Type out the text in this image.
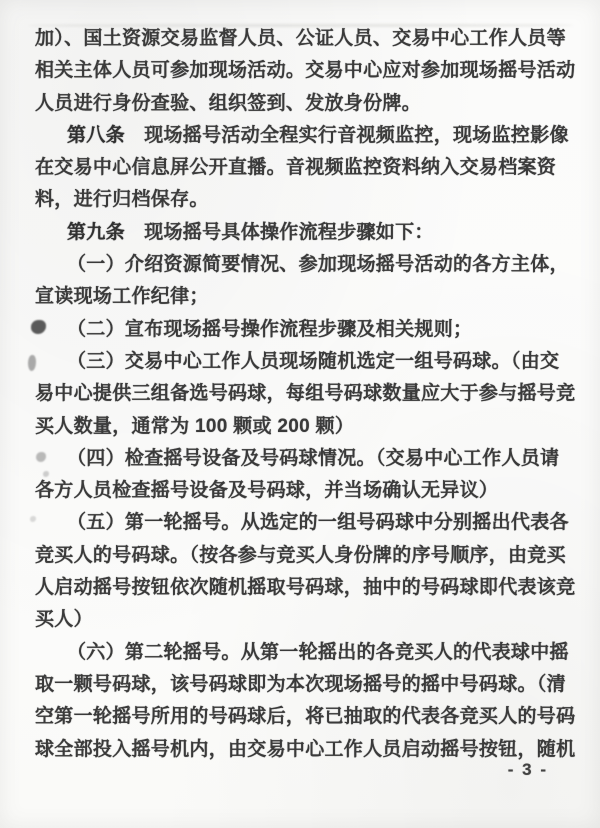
加）、国土资源交易监督人员、公证人员、交易中心工作人员等
相关主体人员可参加现场活动。交易中心应对参加现场摇号活动
人员进行身份查验、组织签到、发放身份牌。
第八条　现场摇号活动全程实行音视频监控，现场监控影像
在交易中心信息屏公开直播。音视频监控资料纳入交易档案资
料，进行归档保存。
第九条　现场摇号具体操作流程步骤如下：
（一）介绍资源简要情况、参加现场摇号活动的各方主体，
宣读现场工作纪律；
（二）宣布现场摇号操作流程步骤及相关规则；
（三）交易中心工作人员现场随机选定一组号码球。（由交
易中心提供三组备选号码球，每组号码球数量应大于参与摇号竞
买人数量，通常为 100 颗或 200 颗）
（四）检查摇号设备及号码球情况。（交易中心工作人员请
各方人员检查摇号设备及号码球，并当场确认无异议）
（五）第一轮摇号。从选定的一组号码球中分别摇出代表各
竞买人的号码球。（按各参与竞买人身份牌的序号顺序，由竞买
人启动摇号按钮依次随机摇取号码球，抽中的号码球即代表该竞
买人）
（六）第二轮摇号。从第一轮摇出的各竞买人的代表球中摇
取一颗号码球，该号码球即为本次现场摇号的摇中号码球。（清
空第一轮摇号所用的号码球后，将已抽取的代表各竞买人的号码
球全部投入摇号机内，由交易中心工作人员启动摇号按钮，随机
- 3 -
